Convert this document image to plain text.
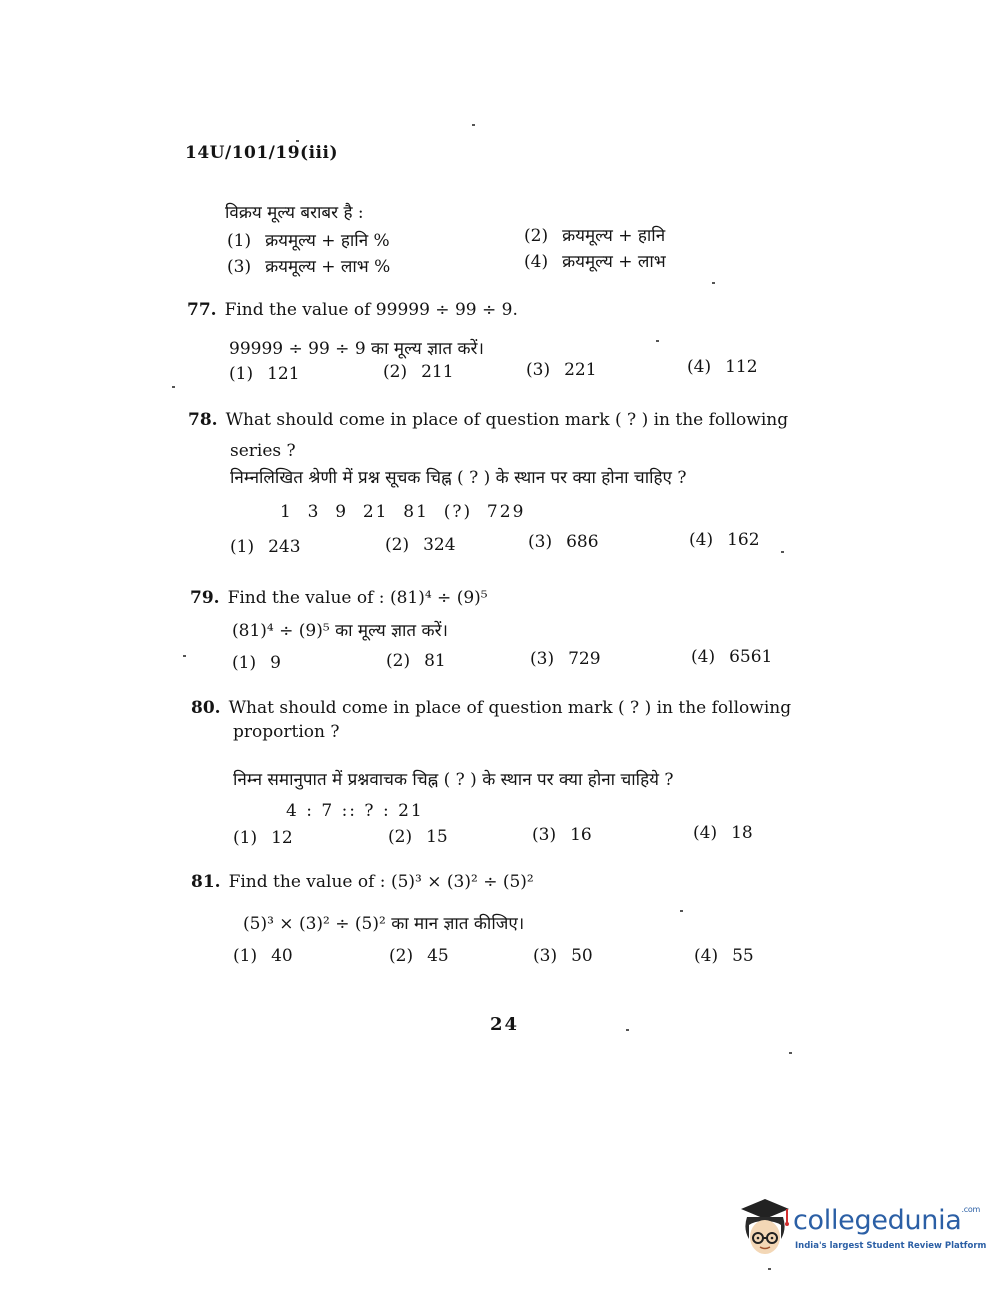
14U/101/19(iii)
विक्रय मूल्य बराबर है :
(1) क्रयमूल्य + हानि %	(2) क्रयमूल्य + हानि
(3) क्रयमूल्य + लाभ %	(4) क्रयमूल्य + लाभ
77. Find the value of 99999 ÷ 99 ÷ 9.
99999 ÷ 99 ÷ 9 का मूल्य ज्ञात करें।
(1) 121	(2) 211	(3) 221	(4) 112
78. What should come in place of question mark ( ? ) in the following
series ?
निम्नलिखित श्रेणी में प्रश्न सूचक चिह्न ( ? ) के स्थान पर क्या होना चाहिए ?
1  3  9  21  81  (?)  729
(1) 243	(2) 324	(3) 686	(4) 162
79. Find the value of : (81)⁴ ÷ (9)⁵
(81)⁴ ÷ (9)⁵ का मूल्य ज्ञात करें।
(1) 9	(2) 81	(3) 729	(4) 6561
80. What should come in place of question mark ( ? ) in the following
proportion ?
निम्न समानुपात में प्रश्नवाचक चिह्न ( ? ) के स्थान पर क्या होना चाहिये ?
4 : 7 :: ? : 21
(1) 12	(2) 15	(3) 16	(4) 18
81. Find the value of : (5)³ × (3)² ÷ (5)²
(5)³ × (3)² ÷ (5)² का मान ज्ञात कीजिए।
(1) 40	(2) 45	(3) 50	(4) 55
24
collegedunia$^{.com}$
India's largest Student Review Platform
